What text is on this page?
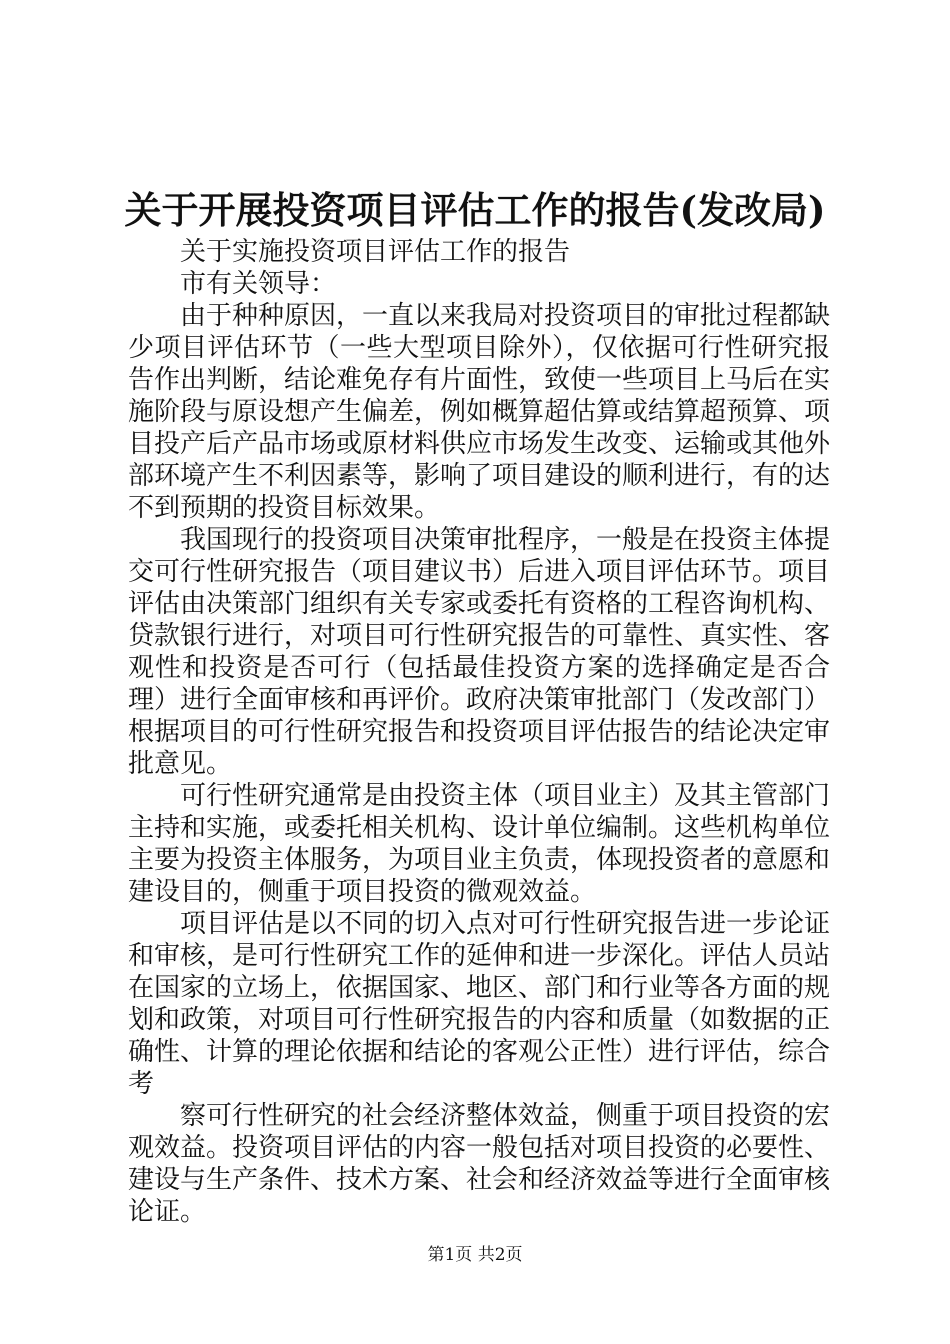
关于开展投资项目评估工作的报告(发改局)

关于实施投资项目评估工作的报告

市有关领导：

由于种种原因，一直以来我局对投资项目的审批过程都缺少项目评估环节（一些大型项目除外），仅依据可行性研究报告作出判断，结论难免存有片面性，致使一些项目上马后在实施阶段与原设想产生偏差，例如概算超估算或结算超预算、项目投产后产品市场或原材料供应市场发生改变、运输或其他外部环境产生不利因素等，影响了项目建设的顺利进行，有的达不到预期的投资目标效果。

我国现行的投资项目决策审批程序，一般是在投资主体提交可行性研究报告（项目建议书）后进入项目评估环节。项目评估由决策部门组织有关专家或委托有资格的工程咨询机构、贷款银行进行，对项目可行性研究报告的可靠性、真实性、客观性和投资是否可行（包括最佳投资方案的选择确定是否合理）进行全面审核和再评价。政府决策审批部门（发改部门）根据项目的可行性研究报告和投资项目评估报告的结论决定审批意见。

可行性研究通常是由投资主体（项目业主）及其主管部门主持和实施，或委托相关机构、设计单位编制。这些机构单位主要为投资主体服务，为项目业主负责，体现投资者的意愿和建设目的，侧重于项目投资的微观效益。

项目评估是以不同的切入点对可行性研究报告进一步论证和审核，是可行性研究工作的延伸和进一步深化。评估人员站在国家的立场上，依据国家、地区、部门和行业等各方面的规划和政策，对项目可行性研究报告的内容和质量（如数据的正确性、计算的理论依据和结论的客观公正性）进行评估，综合考

察可行性研究的社会经济整体效益，侧重于项目投资的宏观效益。投资项目评估的内容一般包括对项目投资的必要性、建设与生产条件、技术方案、社会和经济效益等进行全面审核论证。

第1页 共2页
